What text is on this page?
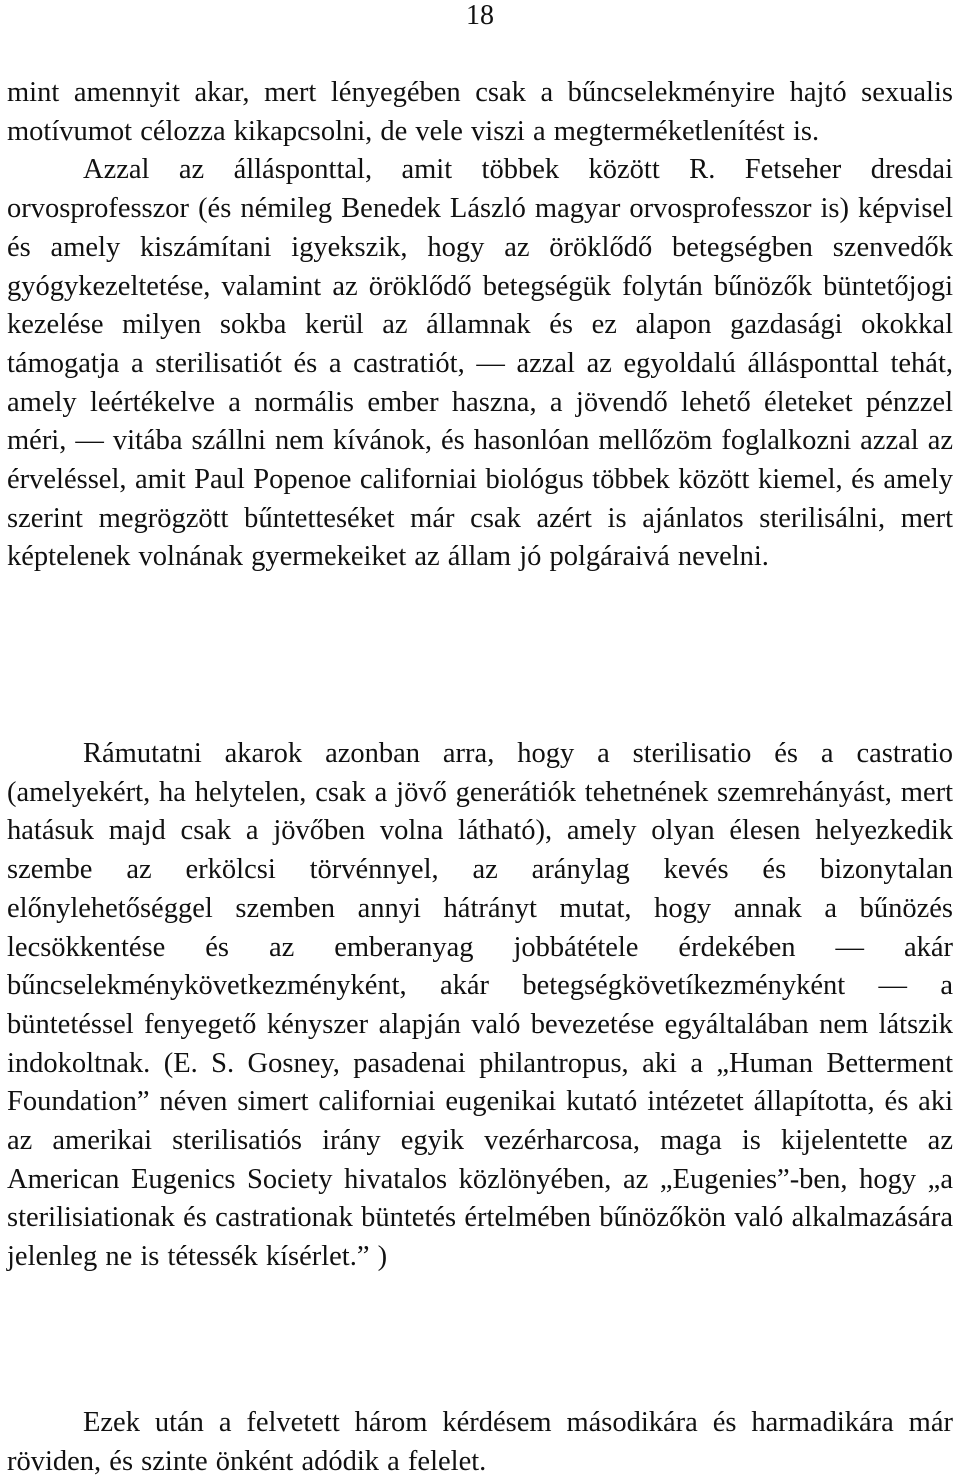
18

mint amennyit akar, mert lényegében csak a bűncselekményire hajtó sexualis motívumot célozza kikapcsolni, de vele viszi a megterméketlenítést is.

Azzal az állásponttal, amit többek között R. Fetseher dresdai orvosprofesszor (és némileg Benedek László magyar orvosprofesszor is) képvisel és amely kiszámítani igyekszik, hogy az öröklődő betegségben szenvedők gyógykezeltetése, valamint az öröklődő betegségük folytán bűnözők büntetőjogi kezelése milyen sokba kerül az államnak és ez alapon gazdasági okokkal támogatja a sterilisatiót és a castratiót, — azzal az egyoldalú állásponttal tehát, amely leértékelve a normális ember haszna, a jövendő lehető életeket pénzzel méri, — vitába szállni nem kívánok, és hasonlóan mellőzöm foglalkozni azzal az érveléssel, amit Paul Popenoe californiai biológus többek között kiemel, és amely szerint megrögzött bűntetteséket már csak azért is ajánlatos sterilisálni, mert képtelenek volnának gyermekeiket az állam jó polgáraivá nevelni.

Rámutatni akarok azonban arra, hogy a sterilisatio és a castratio (amelyekért, ha helytelen, csak a jövő generátiók tehetnének szemrehányást, mert hatásuk majd csak a jövőben volna látható), amely olyan élesen helyezkedik szembe az erkölcsi törvénnyel, az aránylag kevés és bizonytalan előnylehetőséggel szemben annyi hátrányt mutat, hogy annak a bűnözés lecsökkentése és az emberanyag jobbátétele érdekében — akár bűncselekménykövetkezményként, akár betegségkövetíkezményként — a büntetéssel fenyegető kényszer alapján való bevezetése egyáltalában nem látszik indokoltnak. (E. S. Gosney, pasadenai philantropus, aki a „Human Betterment Foundation” néven simert californiai eugenikai kutató intézetet állapította, és aki az amerikai sterilisatiós irány egyik vezérharcosa, maga is kijelentette az American Eugenics Society hivatalos közlönyében, az „Eugenies”-ben, hogy „a sterilisiationak és castrationak büntetés értelmében bűnözőkön való alkalmazására jelenleg ne is tétessék kísérlet.” )

Ezek után a felvetett három kérdésem másodikára és harmadikára már röviden, és szinte önként adódik a felelet.
